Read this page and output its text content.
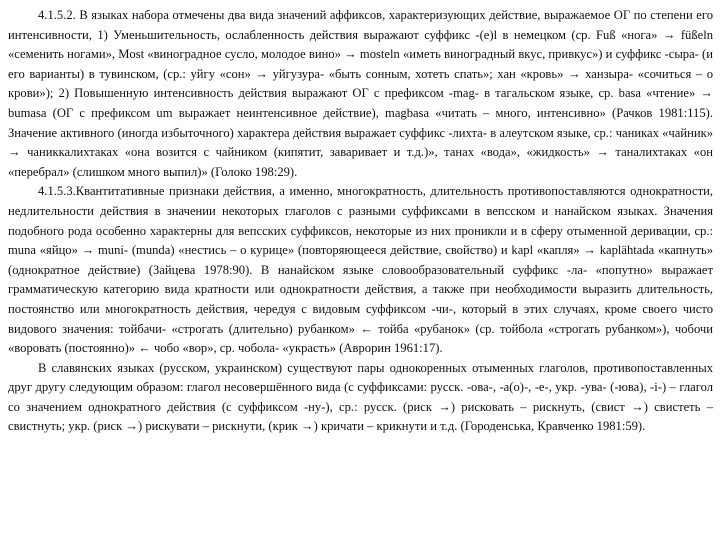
4.1.5.2. В языках набора отмечены два вида значений аффиксов, характеризующих действие, выражаемое ОГ по степени его интенсивности, 1) Уменьшительность, ослабленность действия выражают суффикс -(e)l в немецком (ср. Fuß «нога» → füßeln «семенить ногами», Most «виноградное сусло, молодое вино» → mosteln «иметь виноградный вкус, привкус») и суффикс -сыра- (и его варианты) в тувинском, (ср.: уйгу «сон» → уйгузура- «быть сонным, хотеть спать»; хан «кровь» → ханзыра- «сочиться – о крови»); 2) Повышенную интенсивность действия выражают ОГ с префиксом -mag- в тагальском языке, ср. basa «чтение» → bumasa (ОГ с префиксом um выражает неинтенсивное действие), magbasa «читать – много, интенсивно» (Рачков 1981:115). Значение активного (иногда избыточного) характера действия выражает суффикс -лихта- в алеутском языке, ср.: чаниках «чайник» → чаниккалихтаках «она возится с чайником (кипятит, заваривает и т.д.)», танах «вода», «жидкость» → таналихтаках «он «перебрал» (слишком много выпил)» (Голоко 198:29).

4.1.5.3.Квантитативные признаки действия, а именно, многократность, длительность противопоставляются однократности, недлительности действия в значении некоторых глаголов с разными суффиксами в вепсском и нанайском языках. Значения подобного рода особенно характерны для вепсских суффиксов, некоторые из них проникли и в сферу отыменной деривации, ср.: muna «яйцо» → muni- (munda) «нестись – о курице» (повторяющееся действие, свойство) и kapl «капля» → kaplähtada «капнуть» (однократное действие) (Зайцева 1978:90). В нанайском языке словообразовательный суффикс -ла- «попутно» выражает грамматическую категорию вида кратности или однократности действия, а также при необходимости выразить длительность, постоянство или многократность действия, чередуя с видовым суффиксом -чи-, который в этих случаях, кроме своего чисто видового значения: тойбачи- «строгать (длительно) рубанком» ← тойба «рубанок» (ср. тойбола «строгать рубанком»), чобочи «воровать (постоянно)» ← чобо «вор», ср. чобола- «украсть» (Аврорин 1961:17).

В славянских языках (русском, украинском) существуют пары однокоренных отыменных глаголов, противопоставленных друг другу следующим образом: глагол несовершённого вида (с суффиксами: русск. -ова-, -а(о)-, -е-, укр. -ува- (-юва), -і-) – глагол со значением однократного действия (с суффиксом -ну-), ср.: русск. (риск →) рисковать – рискнуть, (свист →) свистеть – свистнуть; укр. (риск →) рискувати – рискнути, (крик →) кричати – крикнути и т.д. (Городенська, Кравченко 1981:59).
